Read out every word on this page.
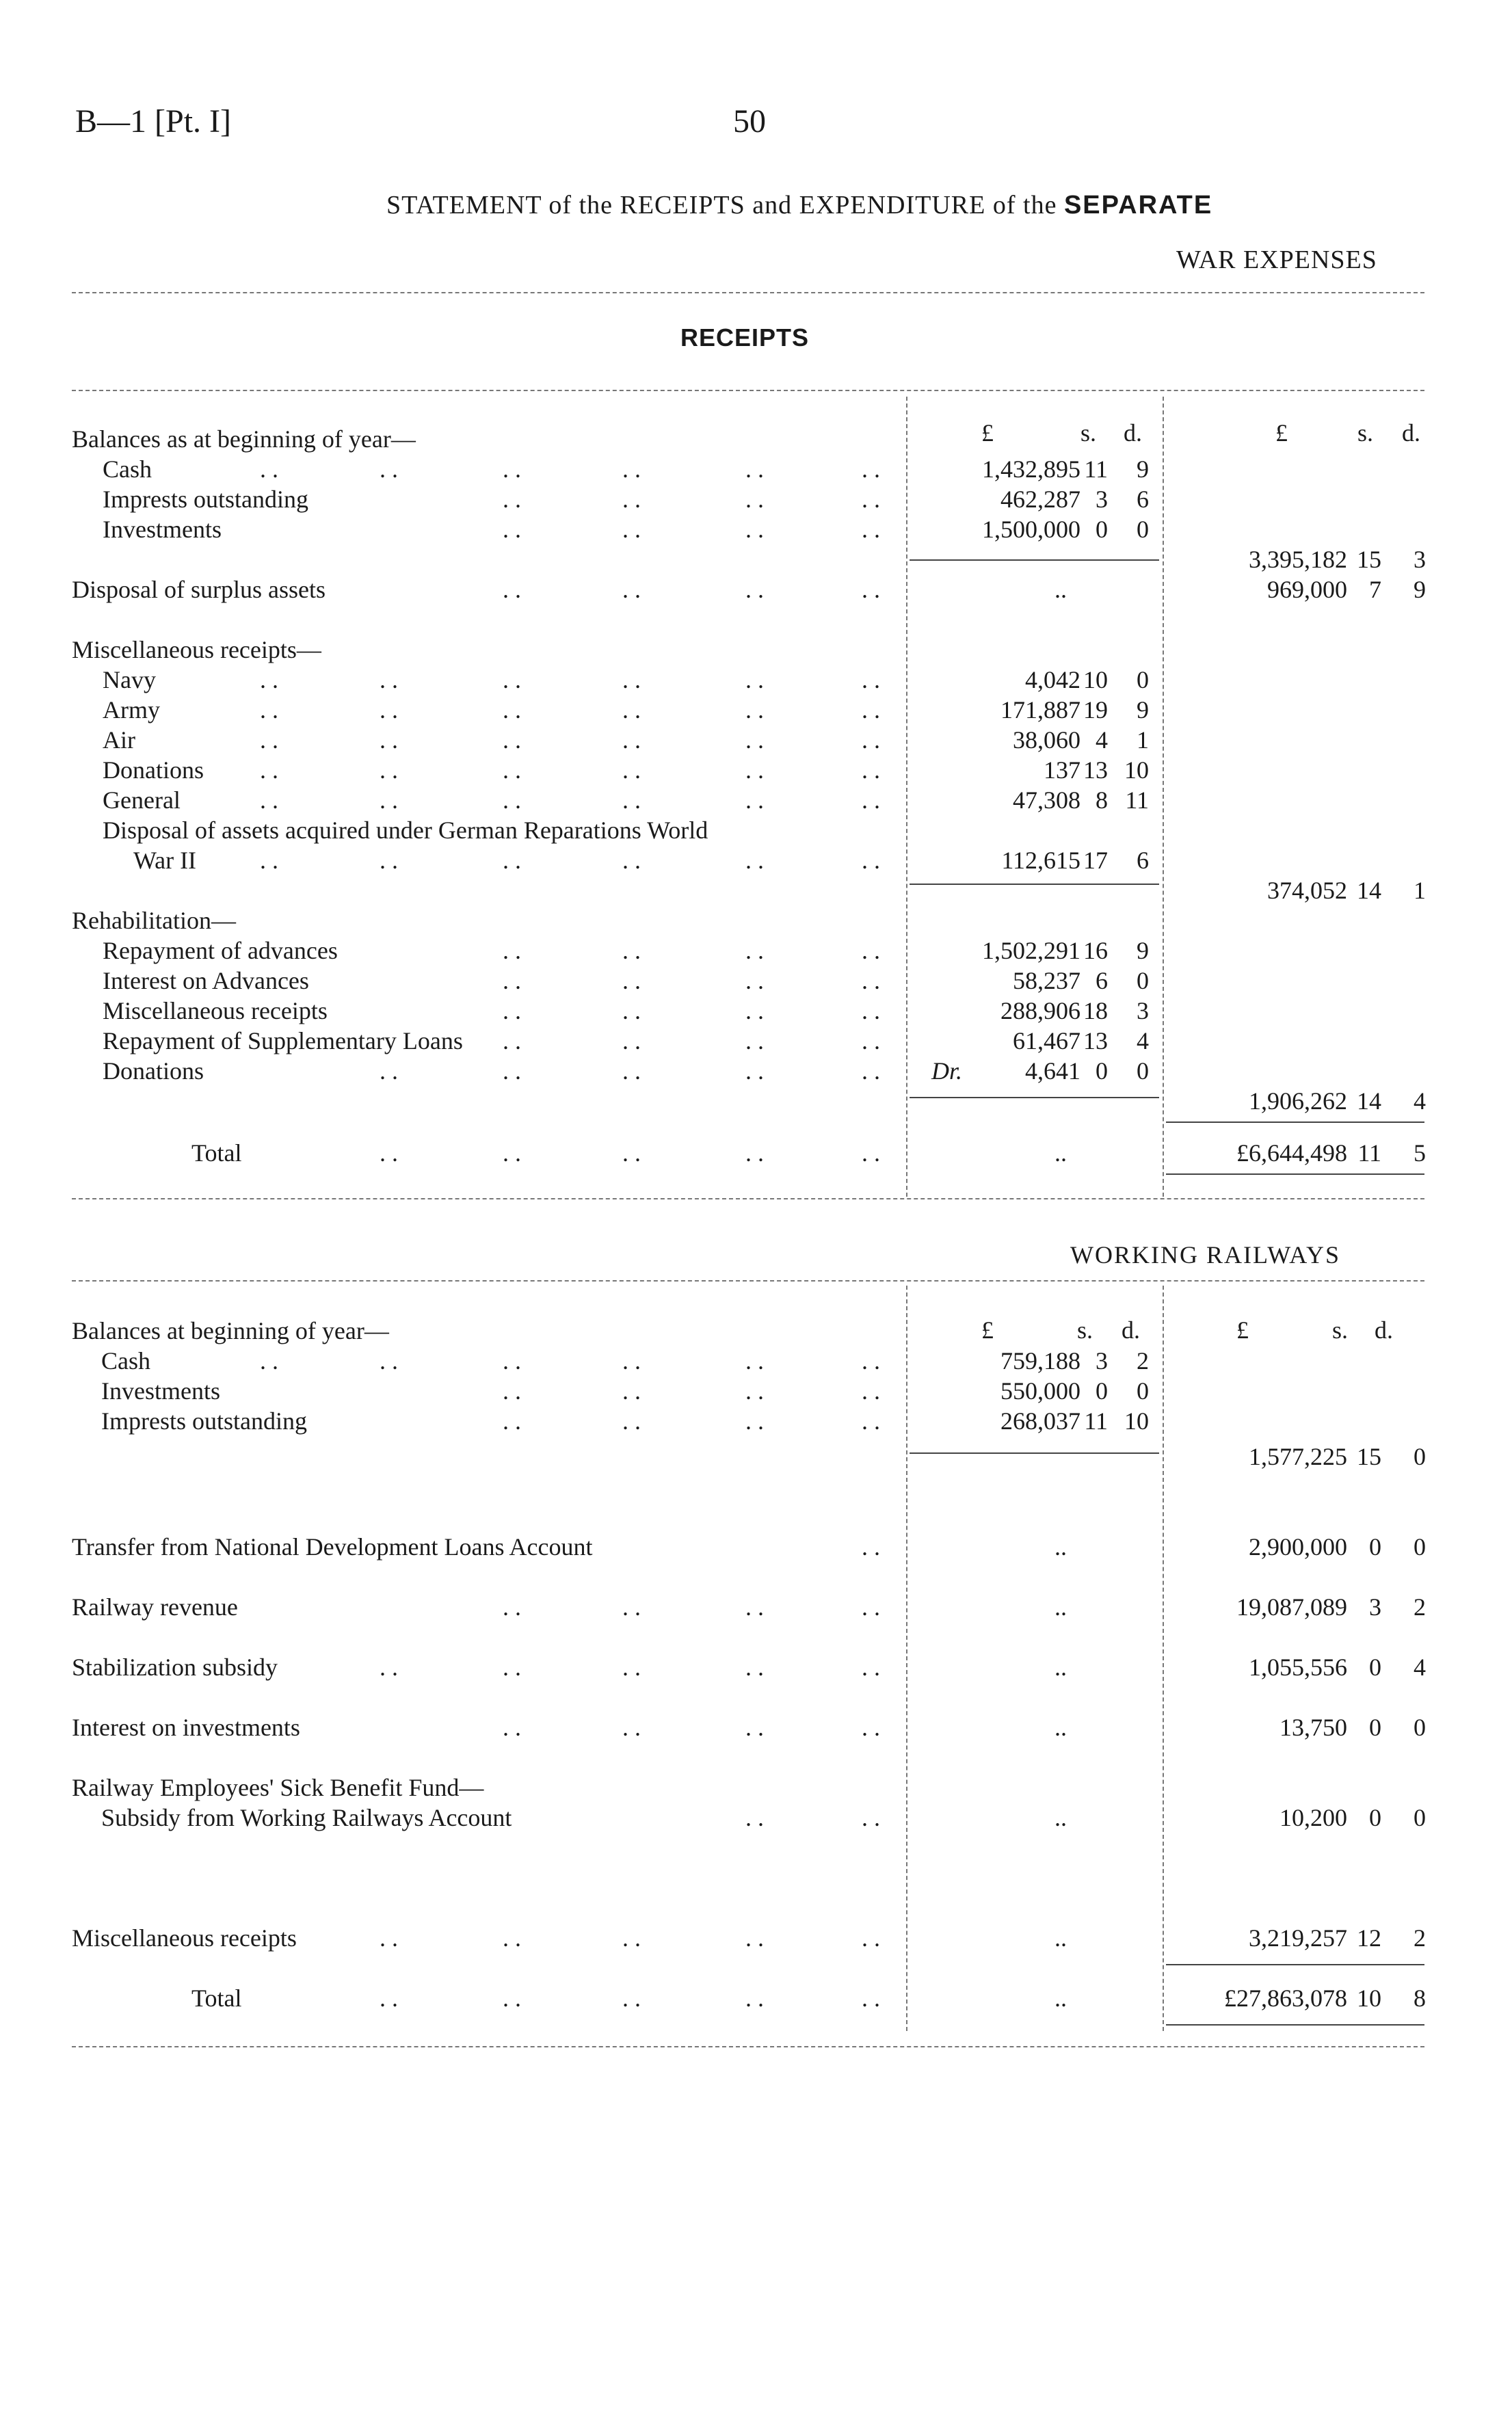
B—1 [Pt. I]	50
STATEMENT of the RECEIPTS and EXPENDITURE of the SEPARATE
WAR EXPENSES
RECEIPTS
£	s. d.	£	s. d.
Balances as at beginning of year—
Cash	. .	. .	. .	. .	. .	. .	1,432,895 11	9
Imprests outstanding	. .	. .	. .	. .	462,287 3	6
Investments	. .	. .	. .	. .	1,500,000 0	0
3,395,182 15	3
Disposal of surplus assets	. .	. .	. .	. .	..	969,000 7	9
Miscellaneous receipts—
Navy	. .	. .	. .	. .	. .	. .	4,042 10	0
Army	. .	. .	. .	. .	. .	. .	171,887 19	9
Air	. .	. .	. .	. .	. .	. .	38,060 4	1
Donations . .	. .	. .	. .	. .	. .	137 13 10
General	. .	. .	. .	. .	. .	. .	47,308 8 11
Disposal of assets acquired under German Reparations World
War II	. .	. .	. .	. .	. .	. .	112,615 17	6
374,052 14	1
Rehabilitation—
Repayment of advances	. .	. .	. .	. .	1,502,291 16	9
Interest on Advances	. .	. .	. .	. .	58,237 6	0
Miscellaneous receipts	. .	. .	. .	. .	288,906 18	3
Repayment of Supplementary Loans . .	. .	. .	. .	61,467 13	4
Donations	. .	. .	. .	. .	. . Dr.	4,641 0	0
1,906,262 14	4
Total	. .	. .	. .	. .	. .	..	£6,644,498 11	5
WORKING RAILWAYS
£	s. d.	£	s. d.
Balances at beginning of year—
Cash	. .	. .	. .	. .	. .	. .	759,188 3	2
Investments	. .	. .	. .	. .	550,000 0	0
Imprests outstanding	. .	. .	. .	. .	268,037 11 10
1,577,225 15	0
Transfer from National Development Loans Account	. .	..	2,900,000 0	0
Railway revenue	. .	. .	. .	. .	..	19,087,089 3	2
Stabilization subsidy	. .	. .	. .	. .	. .	..	1,055,556 0	4
Interest on investments	. .	. .	. .	. .	..	13,750 0	0
Railway Employees' Sick Benefit Fund—
Subsidy from Working Railways Account	. .	. .	..	10,200 0	0
Miscellaneous receipts	. .	. .	. .	. .	. .	..	3,219,257 12	2
Total	. .	. .	. .	. .	. .	..	£27,863,078 10	8
